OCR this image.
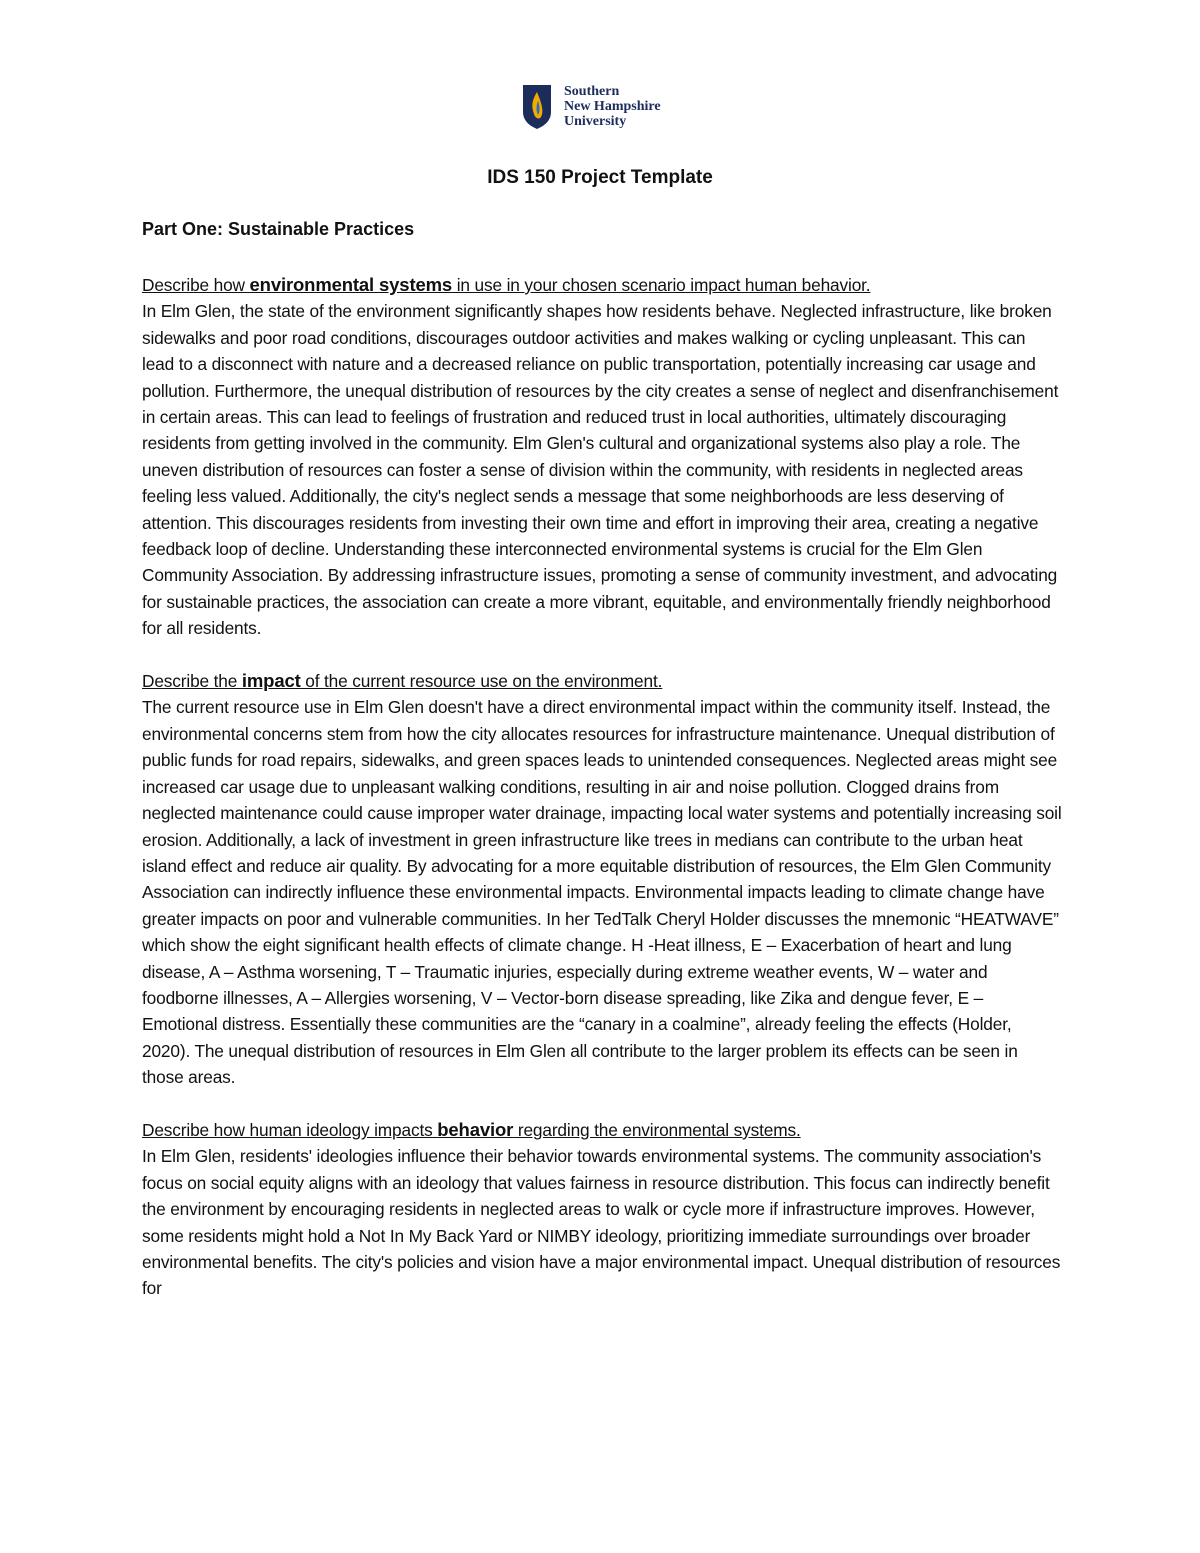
Southern
New Hampshire
University
IDS 150 Project Template
Part One: Sustainable Practices
Describe how environmental systems in use in your chosen scenario impact human behavior.

In Elm Glen, the state of the environment significantly shapes how residents behave. Neglected infrastructure, like broken sidewalks and poor road conditions, discourages outdoor activities and makes walking or cycling unpleasant. This can lead to a disconnect with nature and a decreased reliance on public transportation, potentially increasing car usage and pollution. Furthermore, the unequal distribution of resources by the city creates a sense of neglect and disenfranchisement in certain areas. This can lead to feelings of frustration and reduced trust in local authorities, ultimately discouraging residents from getting involved in the community. Elm Glen's cultural and organizational systems also play a role. The uneven distribution of resources can foster a sense of division within the community, with residents in neglected areas feeling less valued. Additionally, the city's neglect sends a message that some neighborhoods are less deserving of attention. This discourages residents from investing their own time and effort in improving their area, creating a negative feedback loop of decline. Understanding these interconnected environmental systems is crucial for the Elm Glen Community Association. By addressing infrastructure issues, promoting a sense of community investment, and advocating for sustainable practices, the association can create a more vibrant, equitable, and environmentally friendly neighborhood for all residents.

Describe the impact of the current resource use on the environment.

The current resource use in Elm Glen doesn't have a direct environmental impact within the community itself. Instead, the environmental concerns stem from how the city allocates resources for infrastructure maintenance. Unequal distribution of public funds for road repairs, sidewalks, and green spaces leads to unintended consequences. Neglected areas might see increased car usage due to unpleasant walking conditions, resulting in air and noise pollution. Clogged drains from neglected maintenance could cause improper water drainage, impacting local water systems and potentially increasing soil erosion. Additionally, a lack of investment in green infrastructure like trees in medians can contribute to the urban heat island effect and reduce air quality. By advocating for a more equitable distribution of resources, the Elm Glen Community Association can indirectly influence these environmental impacts. Environmental impacts leading to climate change have greater impacts on poor and vulnerable communities. In her TedTalk Cheryl Holder discusses the mnemonic “HEATWAVE” which show the eight significant health effects of climate change. H -Heat illness, E – Exacerbation of heart and lung disease, A – Asthma worsening, T – Traumatic injuries, especially during extreme weather events, W – water and foodborne illnesses, A – Allergies worsening, V – Vector-born disease spreading, like Zika and dengue fever, E – Emotional distress. Essentially these communities are the “canary in a coalmine”, already feeling the effects (Holder, 2020). The unequal distribution of resources in Elm Glen all contribute to the larger problem its effects can be seen in those areas.

Describe how human ideology impacts behavior regarding the environmental systems.

In Elm Glen, residents' ideologies influence their behavior towards environmental systems. The community association's focus on social equity aligns with an ideology that values fairness in resource distribution. This focus can indirectly benefit the environment by encouraging residents in neglected areas to walk or cycle more if infrastructure improves. However, some residents might hold a Not In My Back Yard or NIMBY ideology, prioritizing immediate surroundings over broader environmental benefits. The city's policies and vision have a major environmental impact. Unequal distribution of resources for
